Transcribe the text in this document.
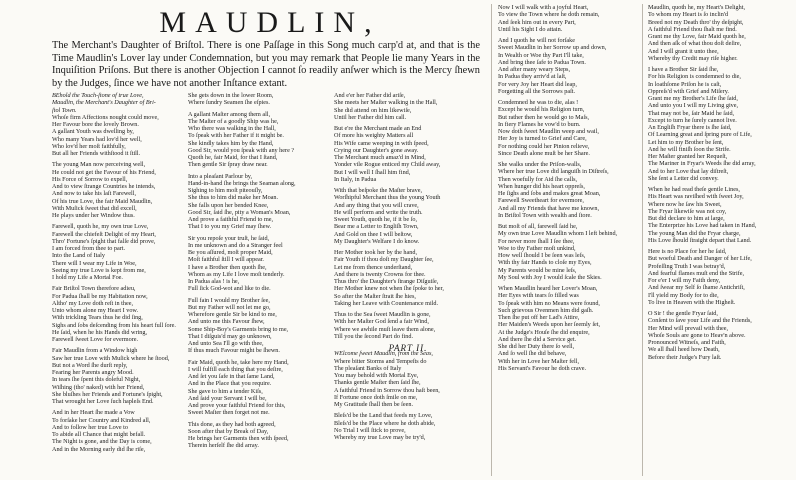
MAUDLIN,
The Merchant's Daughter of Briſtol. There is one Paſſage in this Song much carp'd at, and that is the Time Maudlin's Lover lay under Condemnation, but you may remark that People lie many Years in the Inquiſition Priſons. But there is another Objection I cannot ſo readily anſwer which is the Mercy ſhewn by the Judges, ſince we have not another Inſtance extant.
BEhold the Touch-ſtone of true Love,
Maudlin, the Merchant's Daughter of Bri-
ſtol Town.
Whoſe firm Affections nought could move,
Her Favour bore the lovely Brown.
A gallant Youth was dwelling by,
Who many Years had lov'd her well,
Who lov'd her moſt faithfully,
But all her Friends withſtood it ſtill.
The young Man now perceiving well,
He could not get the Favour of his Friend,
His Force of Sorrow to expell,
And to view ſtrange Countries he intends,
And now to take his laſt Farewell,
Of his true Love, the fair Maid Maudlin,
With Muſick ſweet that did excell,
He plays under her Window thus.
Farewell, quoth he, my own true Love,
Farewell the chiefeſt Delight of my Heart,
Thro' Fortune's ſpight that falſe did prove,
I am forced from thee to part.
Into the Land of Italy
There will I wear my Life in Woe,
Seeing my true Love is kept from me,
I hold my Life a Mortal Foe.
Fair Briſtol Town therefore adieu,
For Padua ſhall be my Habitation now,
Altho' my Love doth reſt in thee,
Unto whom alone my Heart I vow.
With trickling Tears thus he did ſing,
Sighs and ſobs deſcending from his heart full ſore.
He ſaid, when he his Hands did wring,
Farewell ſweet Love for evermore.
Fair Maudlin from a Window high
Saw her true Love with Muſick where he ſtood,
But not a Word ſhe durſt reply,
Fearing her Parents angry Mood.
In tears ſhe ſpent this doleful Night,
Wiſhing (tho' naked) with her Friend,
She bluſhes her Friends and Fortune's ſpight,
That wrought her Love ſuch hapleſs End.
And in her Heart ſhe made a Vow
To forſake her Country and Kindred all,
And to follow her true Love to
To abide all Chance that might befall.
The Night is gone, and the Day is come,
And in the Morning early did ſhe riſe,
She gets down in the lower Room,
Where ſundry Seamen ſhe eſpies.
A gallant Maſter among them all,
The Maſter of a goodly Ship was he,
Who there was walking in the Hall,
To ſpeak with her Father if it might be.
She kindly takes him by the Hand,
Good Sir, would you ſpeak with any here ?
Quoth he, fair Maid, for that I ſtand,
Then gentle Sir ſpray draw near.
Into a pleaſant Parlour by,
Hand-in-hand ſhe brings the Seaman along,
Sighing to him moſt piteouſly,
She thus to him did make her Moan.
She falls upon her bended Knee,
Good Sir, ſaid ſhe, pity a Woman's Moan,
And prove a faithful Friend to me,
That I to you my Grief may ſhew.
Sir you repoſe your truſt, he ſaid,
In me unknown and do a Stranger feel
Be you aſſured, moſt proper Maid,
Moſt faithful ſtill I will appear.
I have a Brother then quoth ſhe,
Whom as my Life I love moſt tenderly.
In Padua alas ! is he,
Full ſick God-wot and like to die.
Full fain I would my Brother ſee,
But my Father will not let me go,
Wherefore gentle Sir be kind to me,
And unto me this Favour ſhew,
Some Ship-Boy's Garments bring to me,
That I diſguis'd may go unknown,
And unto Sea I'll go with thee,
If thus much Favour might be ſhewn.
Fair Maid, quoth he, take here my Hand,
I will fulfill each thing that you deſire,
And ſet you ſafe in that ſame Land,
And in the Place that you require.
She gave to him a tender Kiſs,
And ſaid your Servant I will be,
And prove your faithful Friend for this,
Sweet Maſter then forget not me.
This done, as they had both agreed,
Soon after that by Break of Day,
He brings her Garments then with ſpeed,
Therein herſelf ſhe did array.
And e'er her Father did ariſe,
She meets her Maſter walking in the Hall,
She did attend on him likewiſe,
Until her Father did him call.
But e're the Merchant made an End
Of more his weighty Matters all
His Wife came weeping in with ſpeed,
Crying our Daughter's gone away.
The Merchant much amaz'd in Mind,
Yonder vile Rogue enticed my Child away,
But I will well I ſhall him find,
In Italy, in Padua
With that beſpoke the Maſter brave,
Worſhipful Merchant thus the young Youth
And any thing that you will crave,
He will perform and write the truth.
Sweet Youth, quoth he, if it be ſo,
Bear me a Letter to Engliſh Town,
And Gold on thee I will beſtow,
My Daughter's Welfare I do know.
Her Mother took her by the hand,
Fair Youth if thou doſt my Daughter ſee,
Let me from thence underſtand,
And there is twenty Crowns for thee.
Thus thro' the Daughter's ſtrange Diſguiſe,
Her Mother knew not when ſhe ſpoke to her,
So after the Maſter ſtrait ſhe hies,
Taking her Leave with Countenance mild.
Thus to the Sea ſweet Maudlin is gone,
With her Maſter God ſend a fair Wind,
Where we awhile muſt leave them alone,
Till you the ſecond Part do find.
PART II.
WElcome ſweet Maudlin, from the Seas,
Where bitter Storms and Tempeſts do
The pleaſant Banks of Italy
You may behold with Mortal Eye,
Thanks gentle Maſter then ſaid ſhe,
A faithful Friend in Sorrow thou haſt been,
If Fortune once doth ſmile on me,
My Gratitude ſhall then be ſeen.
Bleſs'd be the Land that feeds my Love,
Bleſs'd be the Place where he doth abide,
No Trial I will ſtick to prove,
Whereby my true Love may be try'd,
Now I will walk with a joyful Heart,
To view the Town where he doth remain,
And ſeek him out in every Part,
Until his Sight I do attain.
And I quoth he will not forſake
Sweet Maudlin in her Sorrow up and down,
In Wealth or Woe thy Part I'll take,
And bring thee ſafe to Padua Town.
And after many weary Steps,
In Padua they arriv'd at laſt,
For very Joy her Heart did leap,
Forgetting all the Sorrows paſt.
Condemned he was to die, alas !
Except he would his Religion turn,
But rather then he would go to Maſs,
In fiery Flames he vow'd to burn.
Now doth ſweet Maudlin weep and wail,
Her Joy is turned to Grief and Care,
For nothing could her Pinion relieve,
Since Death alone muſt be her Share.
She walks under the Priſon-walls,
Where her true Love did languiſh in Diſtreſs,
Then woefully for Aid ſhe calls,
When hunger did his heart oppreſs,
He ſighs and ſobs and makes great Moan,
Farewell Sweetheart for evermore,
And all my Friends that have me known,
In Briſtol Town with wealth and ſtore.
But moſt of all, farewell ſaid he,
My own true Love Maudlin whom I left behind,
For never more ſhall I ſee thee,
Woe to thy Father moſt unkind,
How well ſhould I be ſeen was leſs,
With thy fair Hands to cloſe my Eyes,
My Parents would be mine leſs,
My Soul with Joy I would ſcale the Skies.
When Maudlin heard her Lover's Moan,
Her Eyes with tears ſo filled was
To ſpeak with him no Means were found,
Such grievous Ovenmen him did gaſh.
Then ſhe put off her Lad's Attire,
Her Maiden's Weeds upon her ſeemly ſet,
At the Judge's Houſe ſhe did enquire,
And there ſhe did a Service get.
She did her Duty there ſo well,
And ſo well ſhe did behave,
With her in Love her Maſter fell,
His Servant's Favour he doth crave.
Maudlin, quoth he, my Heart's Delight,
To whom my Heart is ſo inclin'd
Breed not my Death thro' thy deſpight,
A faithful Friend thou ſhalt me find.
Grant me thy Love, fair Maid quoth he,
And then aſk of what thou doſt deſire,
And I will grant it unto thee,
Whereby thy Credit may riſe higher.
I have a Brother Sir ſaid ſhe,
For his Religion is condemned to die,
In loathſome Priſon he is caſt,
Oppreſs'd with Grief and Miſery.
Grant me my Brother's Life ſhe ſaid,
And unto you I will my Living give,
That may not be, ſair Maid he ſaid,
Except to turn he ſurely cannot live.
An Engliſh Fryar there is ſhe ſaid,
Of Learning great and ſpring pure of Life,
Let him to my Brother be ſent,
And he will finiſh ſoon the Strife.
Her Maſter granted her Requeſt,
The Mariner in Fryar's Weeds ſhe did array,
And to her Love that lay diſtreſt,
She ſent a Letter did convey.
When he had read theſe gentle Lines,
His Heart was raviſhed with ſweet Joy,
Where now he ſaw his Sweet,
The Fryar likewiſe was not coy,
But did declare to him at large,
The Enterprize his Love had taken in Hand,
The young Man did the Fryar charge,
His Love ſhould ſtraight depart that Land.
Here is no Place for her he ſaid,
But woeful Death and Danger of her Life,
Profeſſing Truth I was betray'd,
And fearful flames muſt end the Strife,
For e'er I will my Faith deny,
And ſwear my Self ſo ſhame Antichriſt,
I'll yield my Body for to die,
To live in Heaven with the Higheſt.
O Sir ! the gentle Fryar ſaid,
Conſent to ſave your Life and the Friends,
Her Mind will prevail with thee,
Whoſe Souls are gone to Heav'n above.
Pronounced Witneſs, and Faith,
We all ſhall heed how Death,
Before their Judge's Fury laſt.
